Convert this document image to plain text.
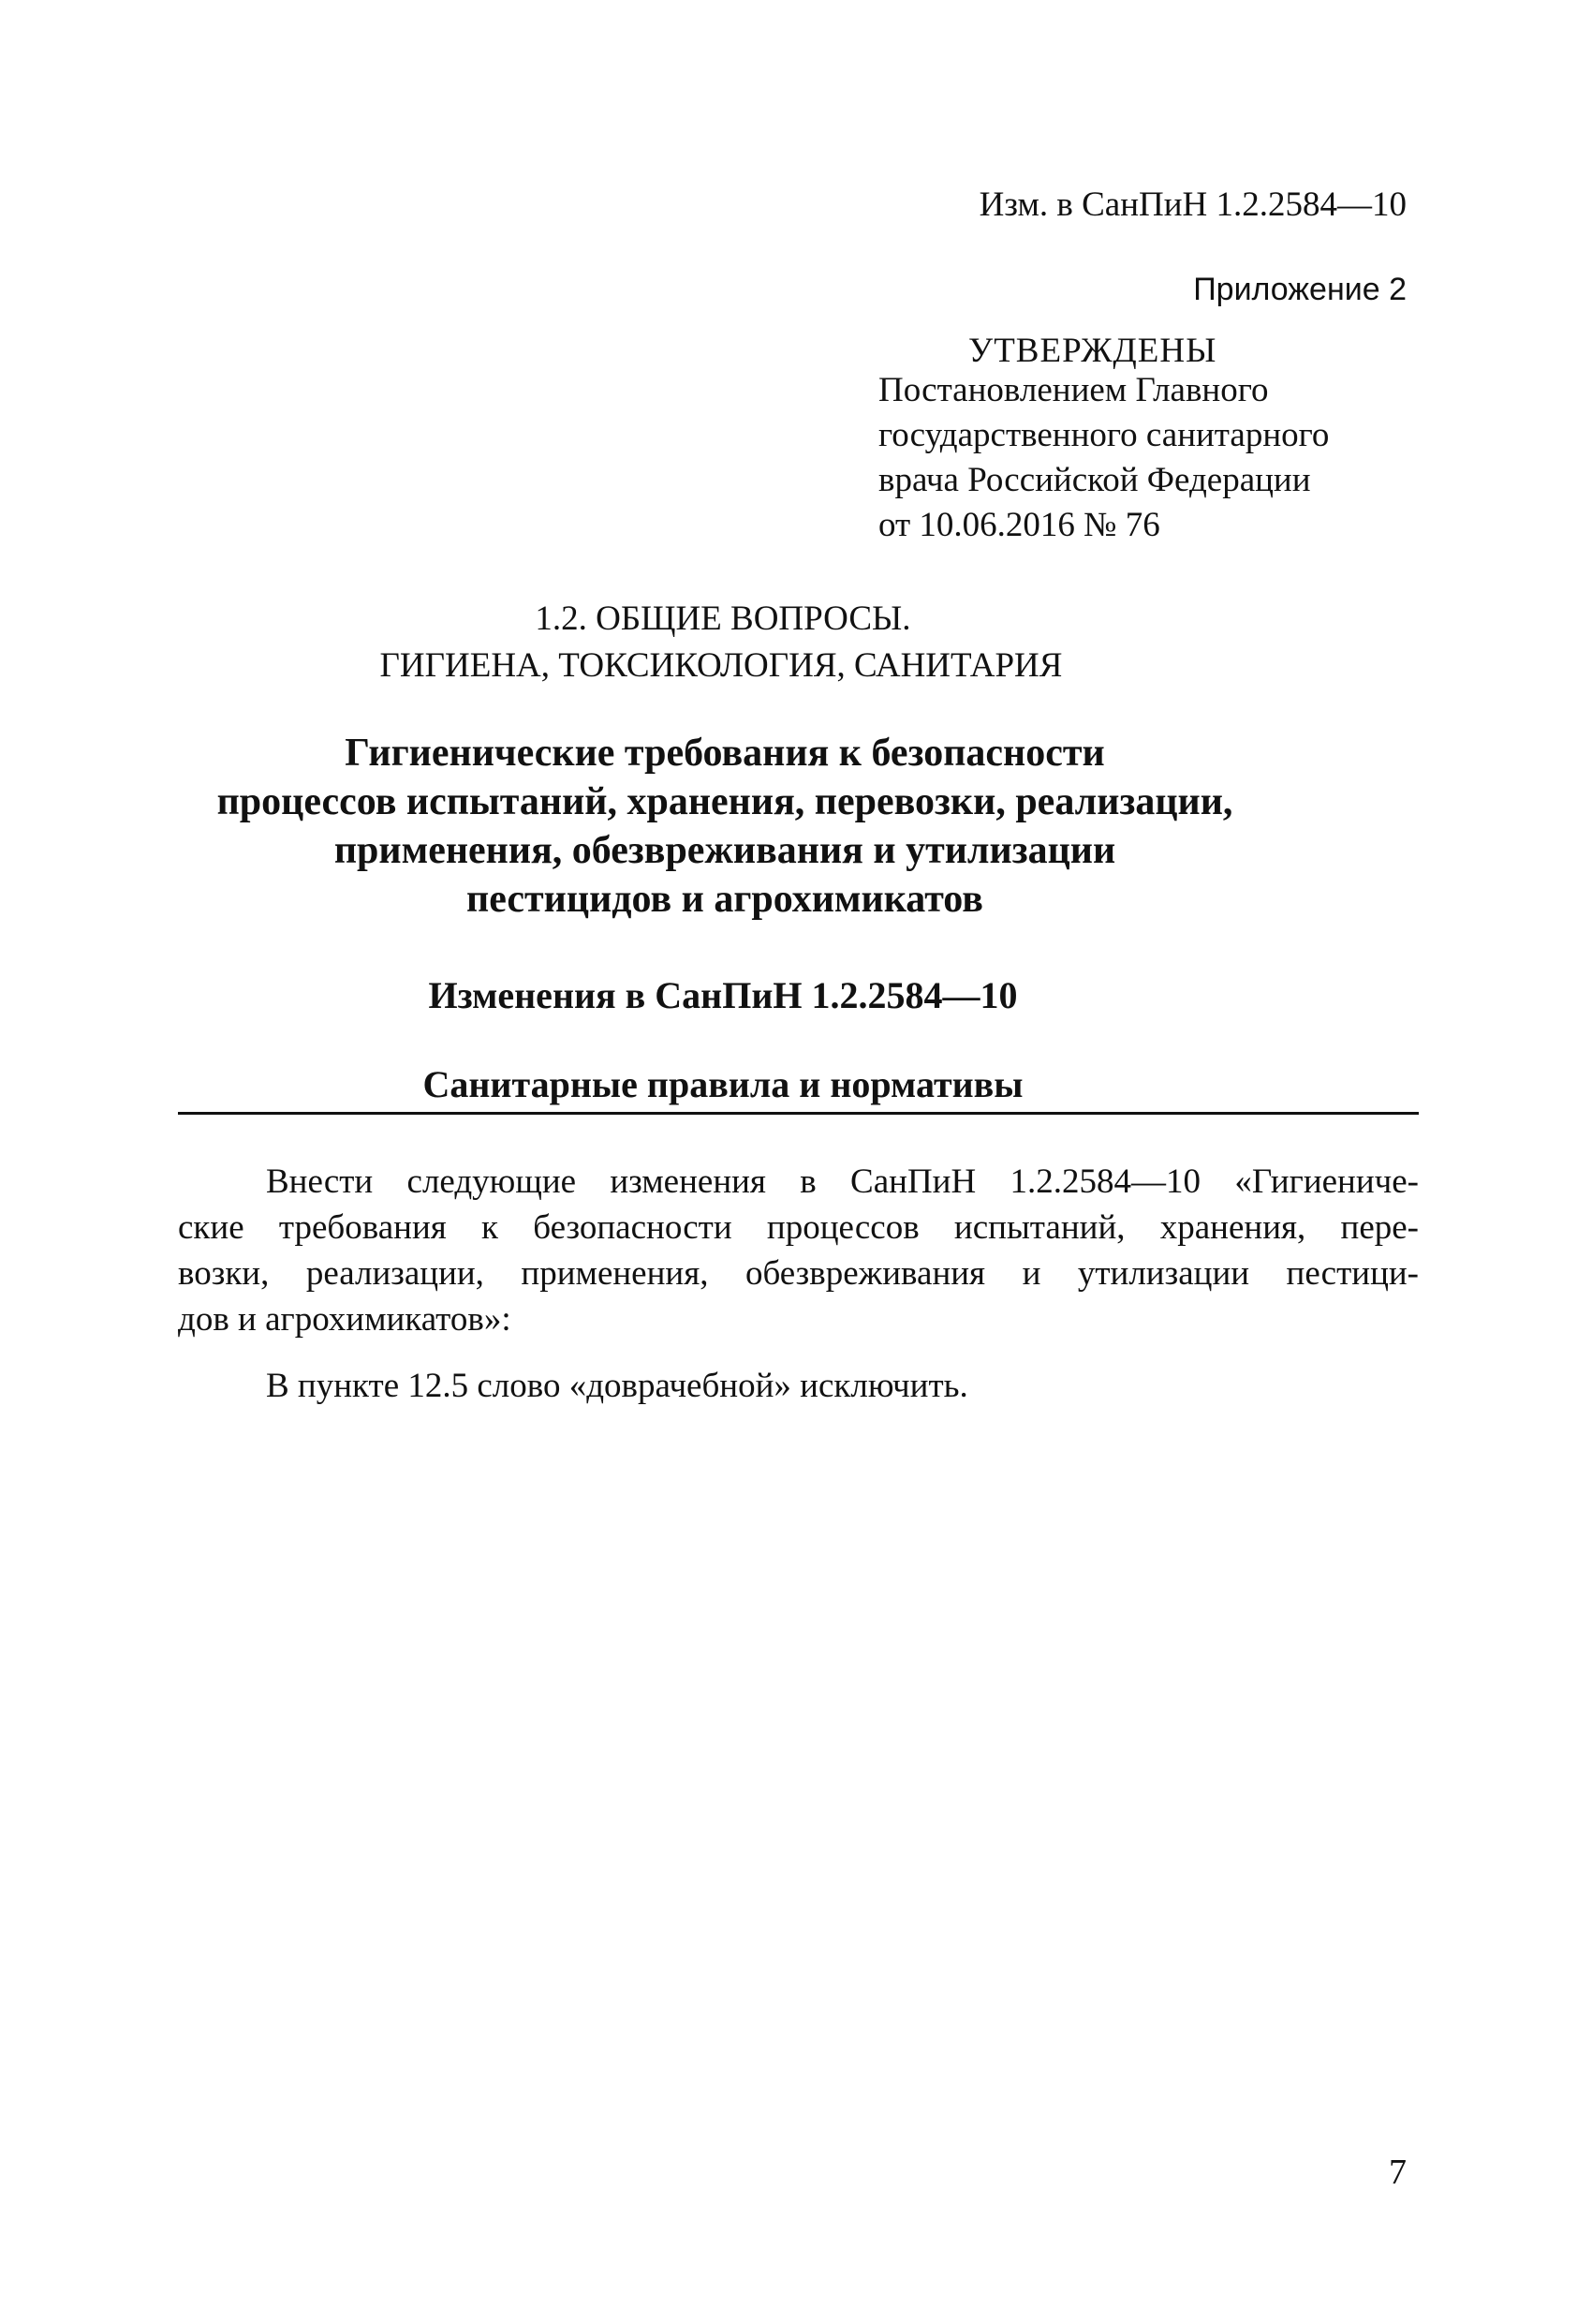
Изм. в СанПиН 1.2.2584—10
Приложение 2
УТВЕРЖДЕНЫ
Постановлением Главного
государственного санитарного
врача Российской Федерации
от 10.06.2016 № 76
1.2. ОБЩИЕ ВОПРОСЫ.
ГИГИЕНА, ТОКСИКОЛОГИЯ, САНИТАРИЯ
Гигиенические требования к безопасности
процессов испытаний, хранения, перевозки, реализации,
применения, обезвреживания и утилизации
пестицидов и агрохимикатов
Изменения в СанПиН 1.2.2584—10
Санитарные правила и нормативы
Внести следующие изменения в СанПиН 1.2.2584—10 «Гигиениче-
ские требования к безопасности процессов испытаний, хранения, пере-
возки, реализации, применения, обезвреживания и утилизации пестици-
дов и агрохимикатов»:
В пункте 12.5 слово «доврачебной» исключить.
7
